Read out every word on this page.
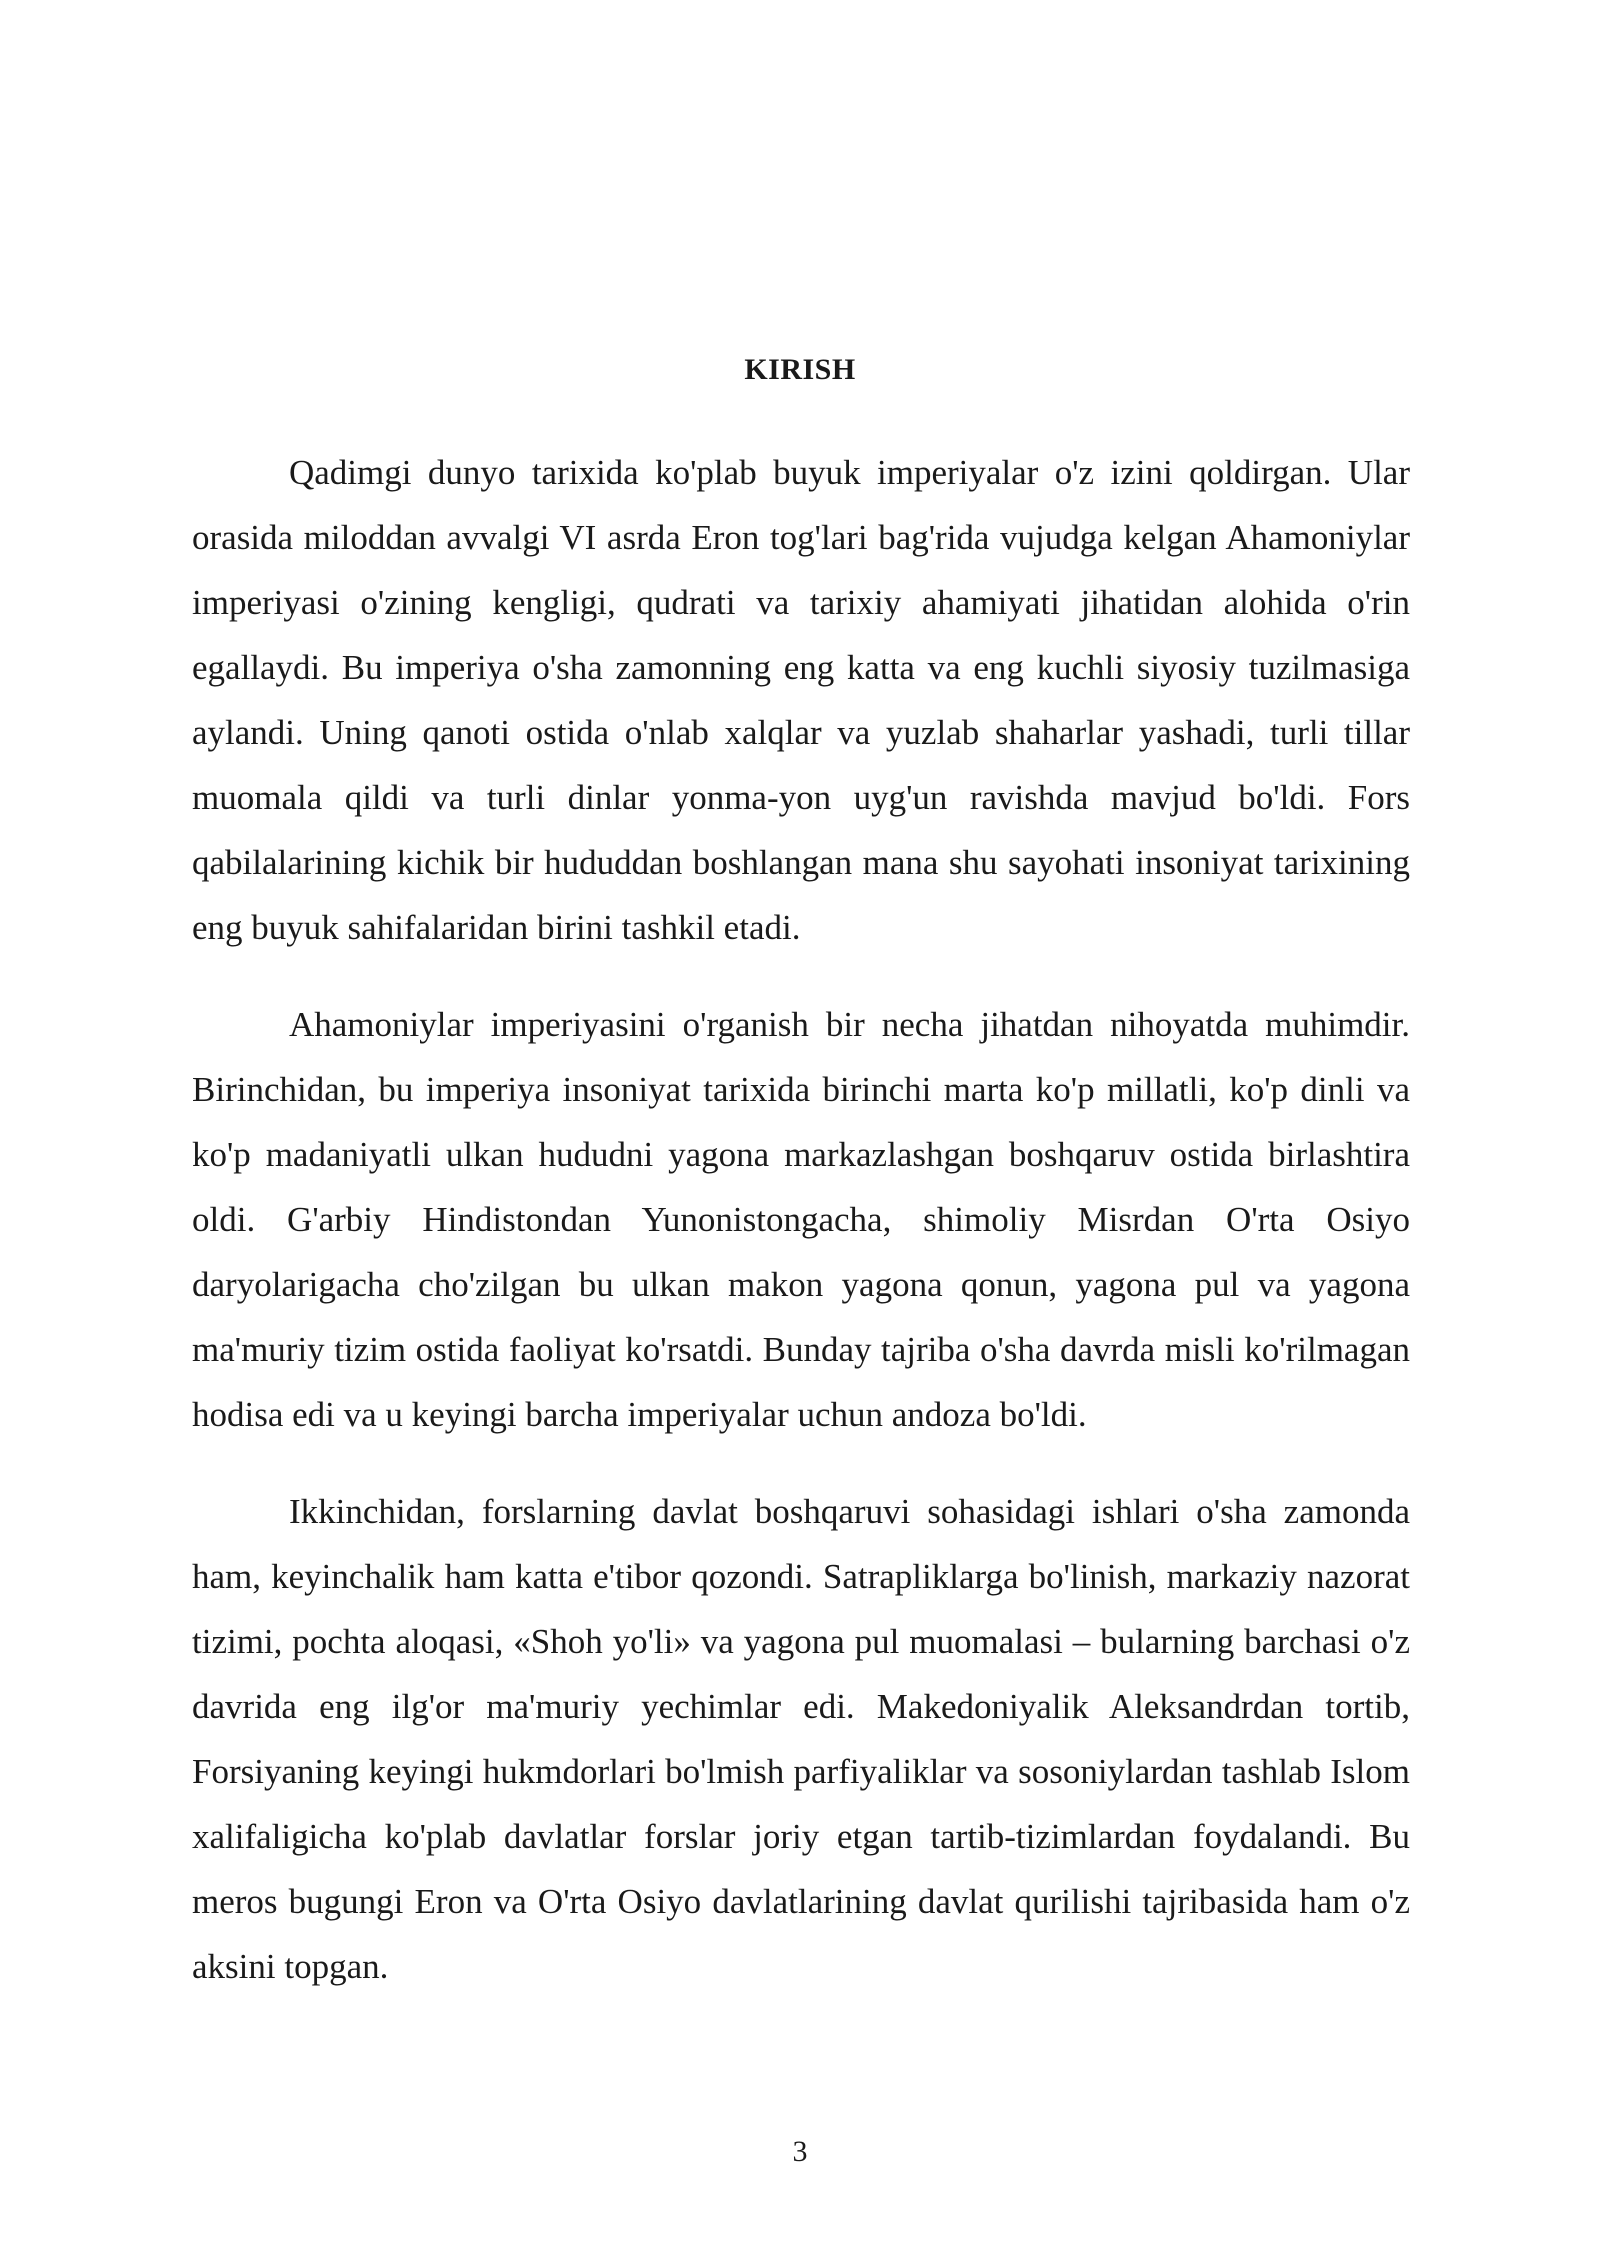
KIRISH

Qadimgi dunyo tarixida ko'plab buyuk imperiyalar o'z izini qoldirgan. Ular orasida miloddan avvalgi VI asrda Eron tog'lari bag'rida vujudga kelgan Ahamoniylar imperiyasi o'zining kengligi, qudrati va tarixiy ahamiyati jihatidan alohida o'rin egallaydi. Bu imperiya o'sha zamonning eng katta va eng kuchli siyosiy tuzilmasiga aylandi. Uning qanoti ostida o'nlab xalqlar va yuzlab shaharlar yashadi, turli tillar muomala qildi va turli dinlar yonma-yon uyg'un ravishda mavjud bo'ldi. Fors qabilalarining kichik bir hududdan boshlangan mana shu sayohati insoniyat tarixining eng buyuk sahifalaridan birini tashkil etadi.

Ahamoniylar imperiyasini o'rganish bir necha jihatdan nihoyatda muhimdir. Birinchidan, bu imperiya insoniyat tarixida birinchi marta ko'p millatli, ko'p dinli va ko'p madaniyatli ulkan hududni yagona markazlashgan boshqaruv ostida birlashtira oldi. G'arbiy Hindistondan Yunonistongacha, shimoliy Misrdan O'rta Osiyo daryolarigacha cho'zilgan bu ulkan makon yagona qonun, yagona pul va yagona ma'muriy tizim ostida faoliyat ko'rsatdi. Bunday tajriba o'sha davrda misli ko'rilmagan hodisa edi va u keyingi barcha imperiyalar uchun andoza bo'ldi.

Ikkinchidan, forslarning davlat boshqaruvi sohasidagi ishlari o'sha zamonda ham, keyinchalik ham katta e'tibor qozondi. Satrapliklarga bo'linish, markaziy nazorat tizimi, pochta aloqasi, «Shoh yo'li» va yagona pul muomalasi – bularning barchasi o'z davrida eng ilg'or ma'muriy yechimlar edi. Makedoniyalik Aleksandrdan tortib, Forsiyaning keyingi hukmdorlari bo'lmish parfiyaliklar va sosoniylardan tashlab Islom xalifaligicha ko'plab davlatlar forslar joriy etgan tartib-tizimlardan foydalandi. Bu meros bugungi Eron va O'rta Osiyo davlatlarining davlat qurilishi tajribasida ham o'z aksini topgan.

3
